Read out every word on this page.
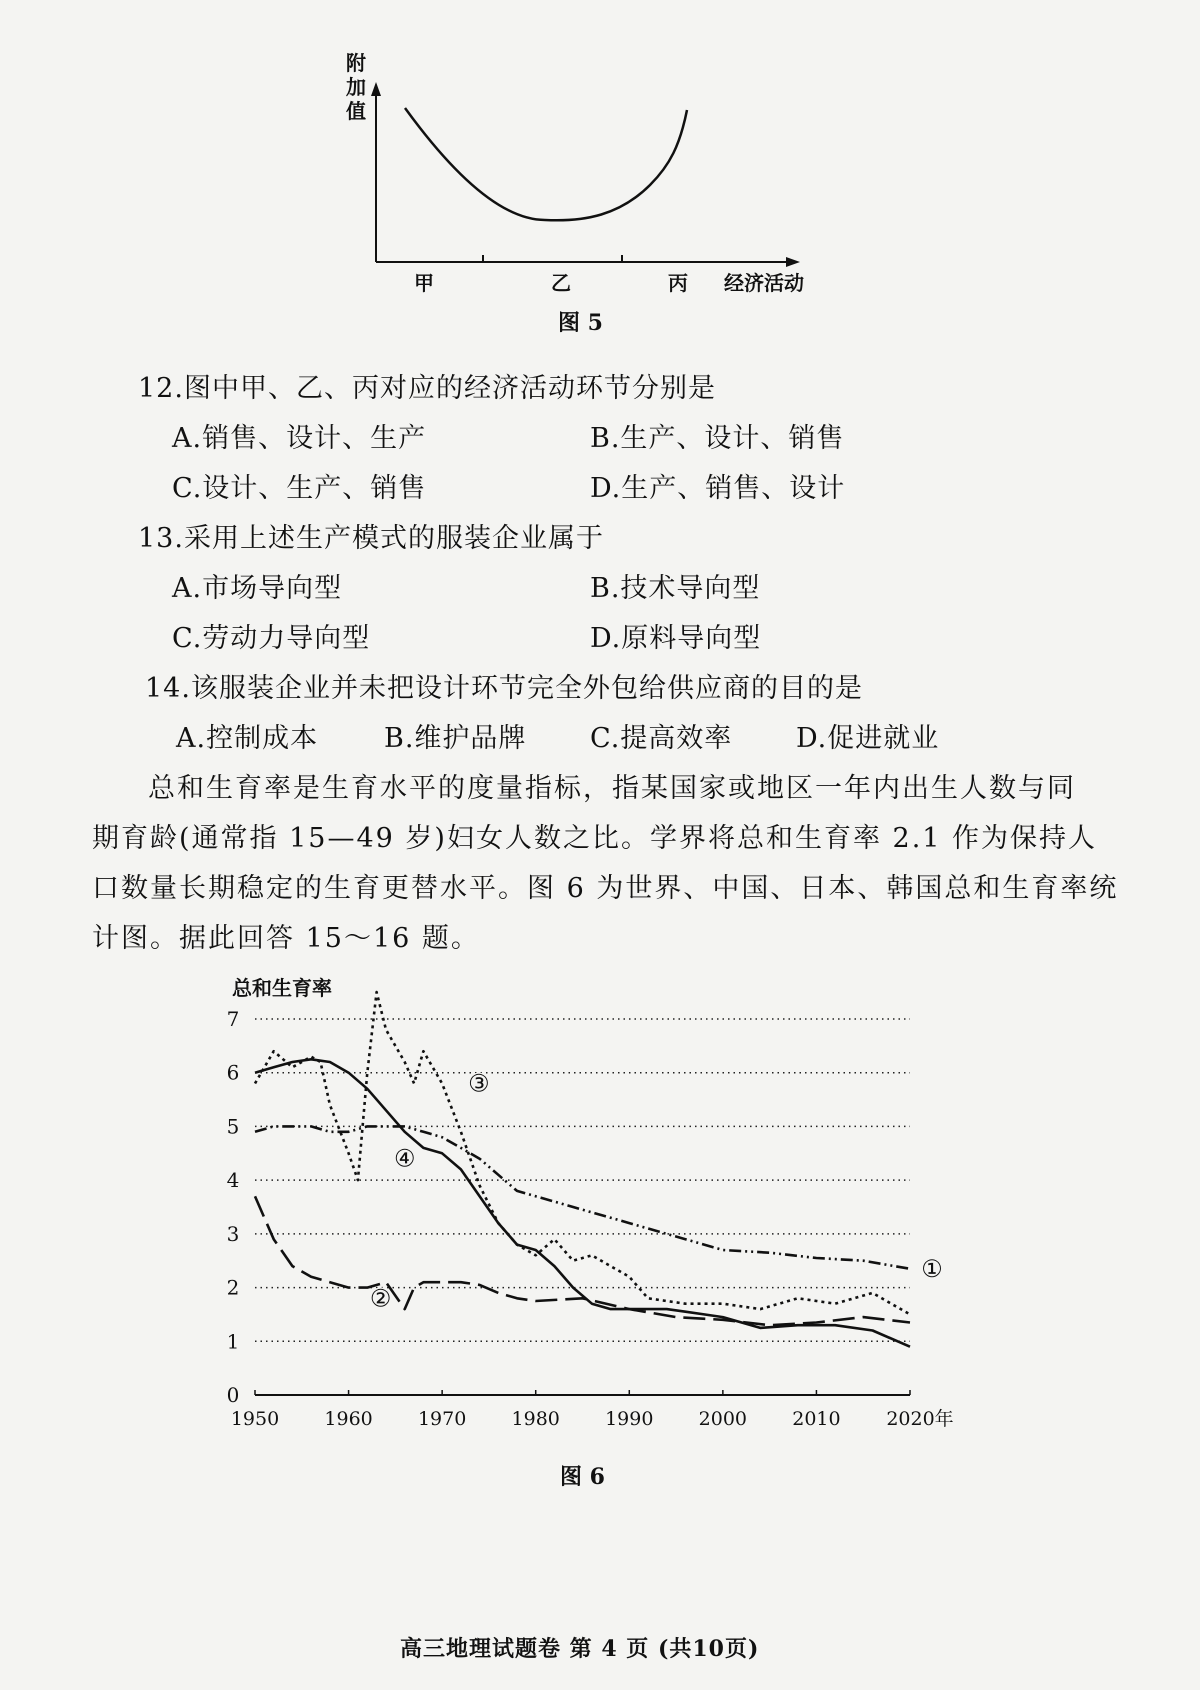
附
加
值
甲	乙	丙 经济活动
图 5
12.图中甲、乙、丙对应的经济活动环节分别是
A.销售、设计、生产	B.生产、设计、销售
C.设计、生产、销售	D.生产、销售、设计
13.采用上述生产模式的服装企业属于
A.市场导向型	B.技术导向型
C.劳动力导向型	D.原料导向型
14.该服装企业并未把设计环节完全外包给供应商的目的是
A.控制成本 B.维护品牌 C.提高效率 D.促进就业
总和生育率是生育水平的度量指标，指某国家或地区一年内出生人数与同
期育龄(通常指 15—49 岁)妇女人数之比。学界将总和生育率 2.1 作为保持人
口数量长期稳定的生育更替水平。图 6 为世界、中国、日本、韩国总和生育率统
计图。据此回答 15～16 题。
总和生育率
0
1
2
3
4
5
6
7
1950 1960 1970 1980 1990 2000 2010 2020年
①
②
③
④
图 6
高三地理试题卷 第 4 页 (共10页)
